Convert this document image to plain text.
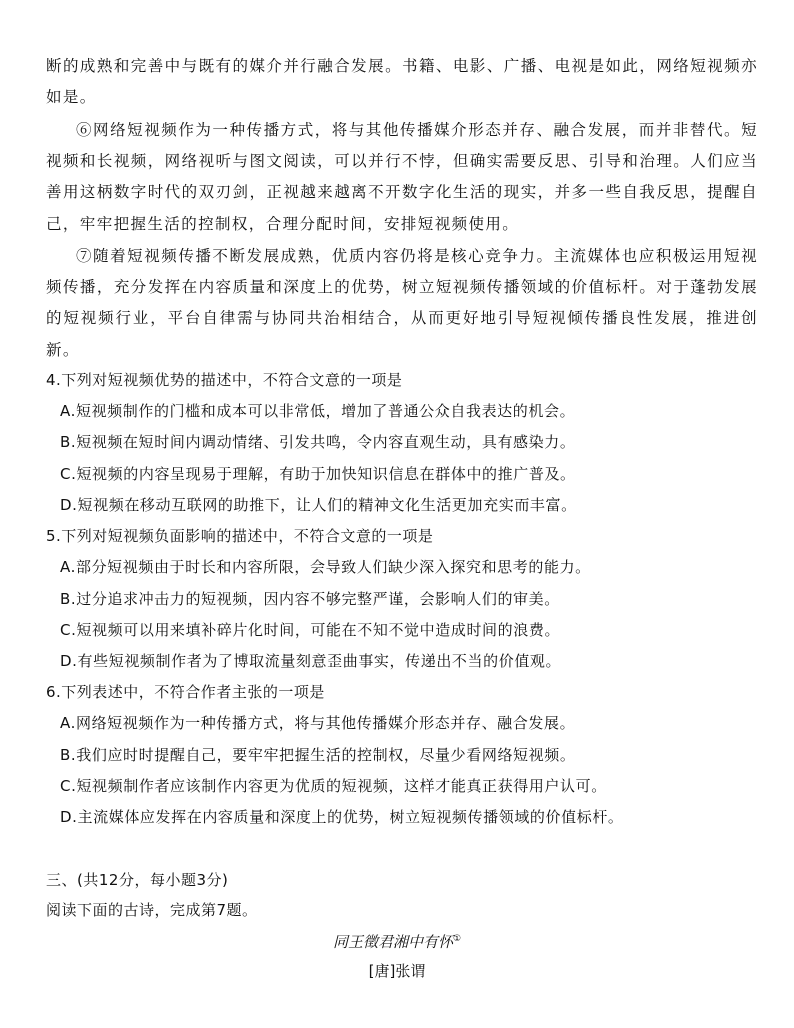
断的成熟和完善中与既有的媒介并行融合发展。书籍、电影、广播、电视是如此，网络短视频亦如是。
⑥网络短视频作为一种传播方式，将与其他传播媒介形态并存、融合发展，而并非替代。短视频和长视频，网络视听与图文阅读，可以并行不悖，但确实需要反思、引导和治理。人们应当善用这柄数字时代的双刃剑，正视越来越离不开数字化生活的现实，并多一些自我反思，提醒自己，牢牢把握生活的控制权，合理分配时间，安排短视频使用。
⑦随着短视频传播不断发展成熟，优质内容仍将是核心竞争力。主流媒体也应积极运用短视频传播，充分发挥在内容质量和深度上的优势，树立短视频传播领域的价值标杆。对于蓬勃发展的短视频行业，平台自律需与协同共治相结合，从而更好地引导短视倾传播良性发展，推进创新。
4.下列对短视频优势的描述中，不符合文意的一项是
A.短视频制作的门槛和成本可以非常低，增加了普通公众自我表达的机会。
B.短视频在短时间内调动情绪、引发共鸣，令内容直观生动，具有感染力。
C.短视频的内容呈现易于理解，有助于加快知识信息在群体中的推广普及。
D.短视频在移动互联网的助推下，让人们的精神文化生活更加充实而丰富。
5.下列对短视频负面影响的描述中，不符合文意的一项是
A.部分短视频由于时长和内容所限，会导致人们缺少深入探究和思考的能力。
B.过分追求冲击力的短视频，因内容不够完整严谨，会影响人们的审美。
C.短视频可以用来填补碎片化时间，可能在不知不觉中造成时间的浪费。
D.有些短视频制作者为了博取流量刻意歪曲事实，传递出不当的价值观。
6.下列表述中，不符合作者主张的一项是
A.网络短视频作为一种传播方式，将与其他传播媒介形态并存、融合发展。
B.我们应时时提醒自己，要牢牢把握生活的控制权，尽量少看网络短视频。
C.短视频制作者应该制作内容更为优质的短视频，这样才能真正获得用户认可。
D.主流媒体应发挥在内容质量和深度上的优势，树立短视频传播领域的价值标杆。
三、(共12分，每小题3分)
阅读下面的古诗，完成第7题。
同王徵君湘中有怀①
[唐]张谓
